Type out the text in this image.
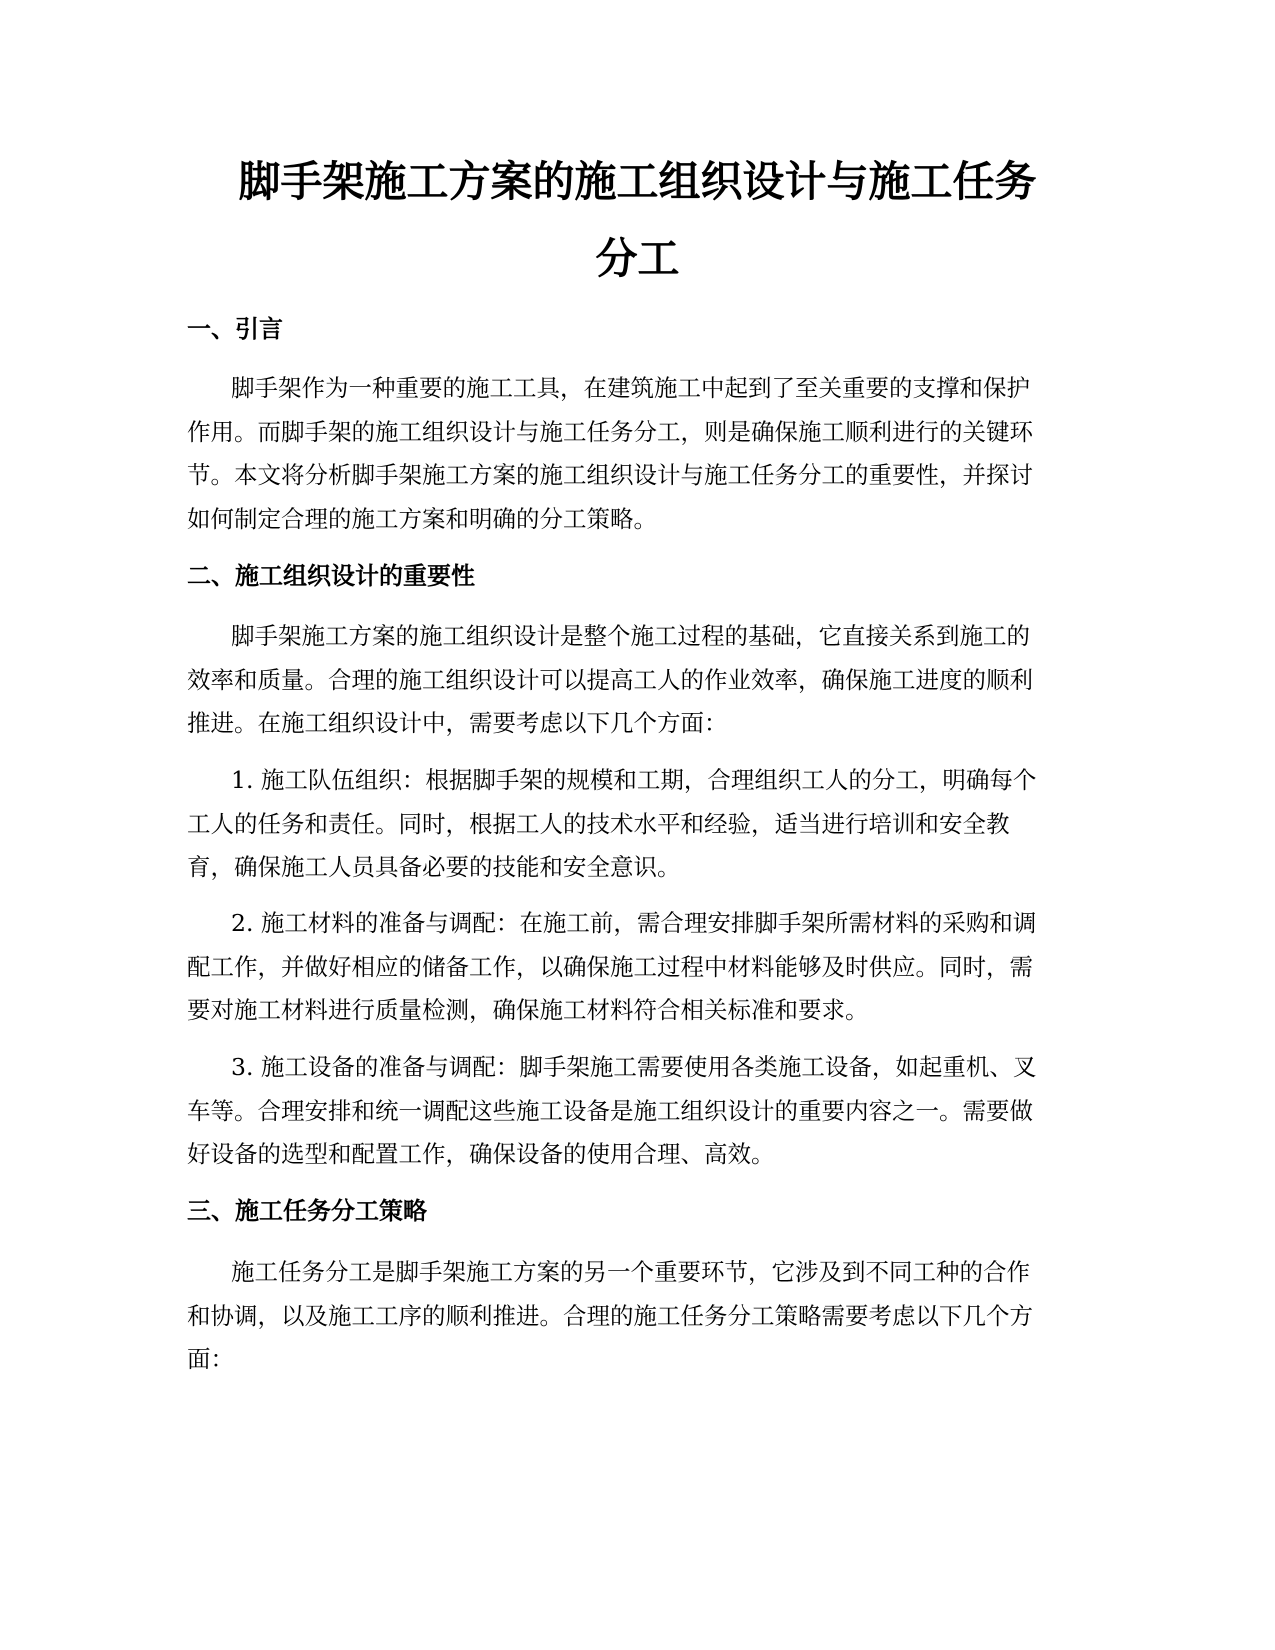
脚手架施工方案的施工组织设计与施工任务
分工
一、引言

脚手架作为一种重要的施工工具，在建筑施工中起到了至关重要的支撑和保护
作用。而脚手架的施工组织设计与施工任务分工，则是确保施工顺利进行的关键环
节。本文将分析脚手架施工方案的施工组织设计与施工任务分工的重要性，并探讨
如何制定合理的施工方案和明确的分工策略。

二、施工组织设计的重要性

脚手架施工方案的施工组织设计是整个施工过程的基础，它直接关系到施工的
效率和质量。合理的施工组织设计可以提高工人的作业效率，确保施工进度的顺利
推进。在施工组织设计中，需要考虑以下几个方面：

1. 施工队伍组织：根据脚手架的规模和工期，合理组织工人的分工，明确每个
工人的任务和责任。同时，根据工人的技术水平和经验，适当进行培训和安全教
育，确保施工人员具备必要的技能和安全意识。

2. 施工材料的准备与调配：在施工前，需合理安排脚手架所需材料的采购和调
配工作，并做好相应的储备工作，以确保施工过程中材料能够及时供应。同时，需
要对施工材料进行质量检测，确保施工材料符合相关标准和要求。

3. 施工设备的准备与调配：脚手架施工需要使用各类施工设备，如起重机、叉
车等。合理安排和统一调配这些施工设备是施工组织设计的重要内容之一。需要做
好设备的选型和配置工作，确保设备的使用合理、高效。

三、施工任务分工策略

施工任务分工是脚手架施工方案的另一个重要环节，它涉及到不同工种的合作
和协调，以及施工工序的顺利推进。合理的施工任务分工策略需要考虑以下几个方
面：
